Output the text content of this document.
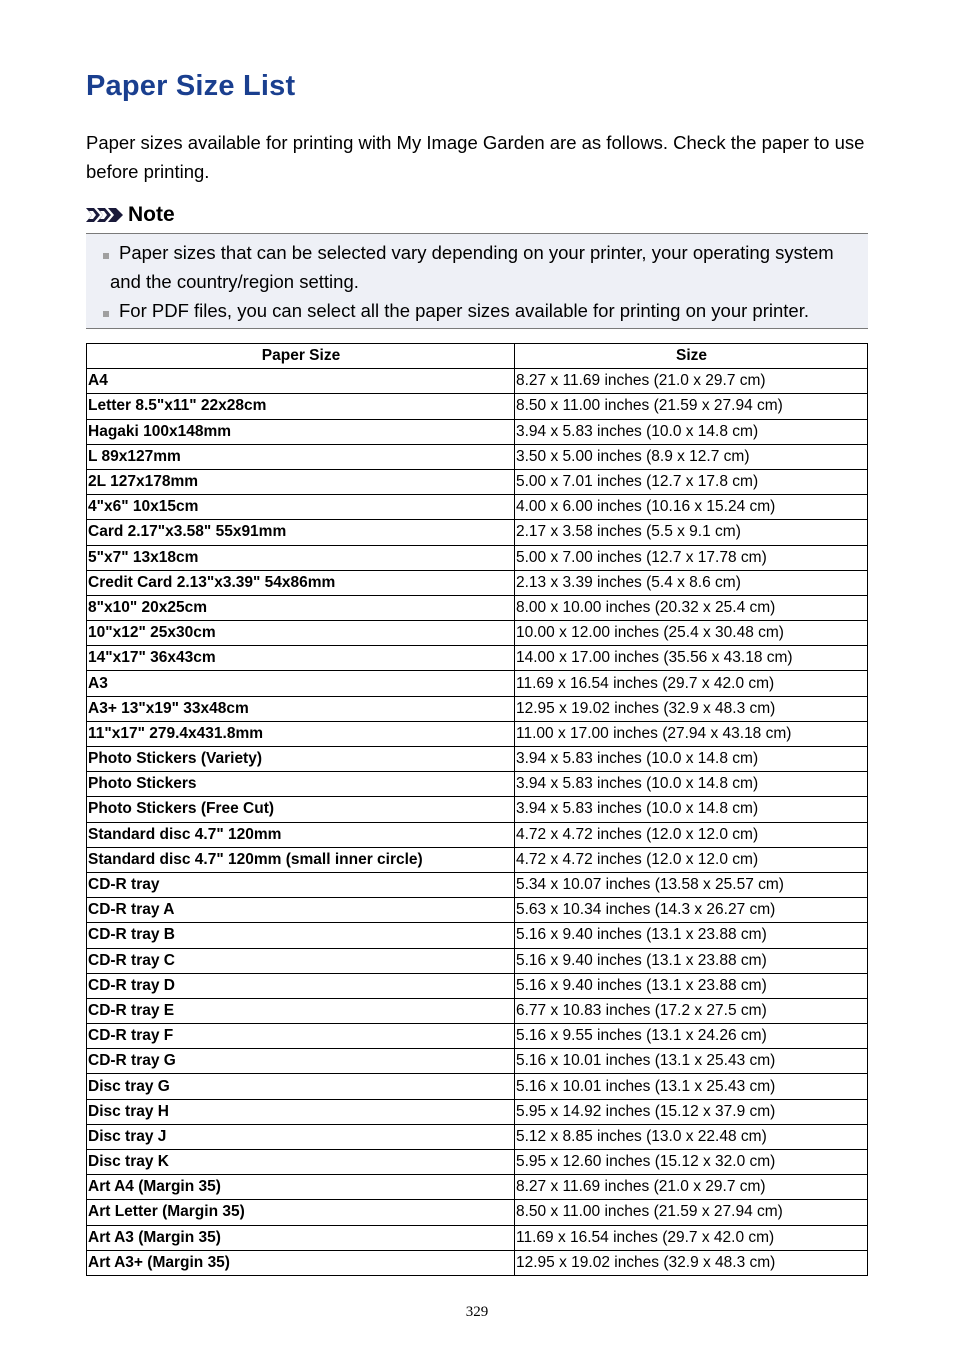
Paper Size List

Paper sizes available for printing with My Image Garden are as follows. Check the paper to use before printing.

Note
Paper sizes that can be selected vary depending on your printer, your operating system and the country/region setting.
For PDF files, you can select all the paper sizes available for printing on your printer.
Paper Size	Size
A4	8.27 x 11.69 inches (21.0 x 29.7 cm)
Letter 8.5"x11" 22x28cm	8.50 x 11.00 inches (21.59 x 27.94 cm)
Hagaki 100x148mm	3.94 x 5.83 inches (10.0 x 14.8 cm)
L 89x127mm	3.50 x 5.00 inches (8.9 x 12.7 cm)
2L 127x178mm	5.00 x 7.01 inches (12.7 x 17.8 cm)
4"x6" 10x15cm	4.00 x 6.00 inches (10.16 x 15.24 cm)
Card 2.17"x3.58" 55x91mm	2.17 x 3.58 inches (5.5 x 9.1 cm)
5"x7" 13x18cm	5.00 x 7.00 inches (12.7 x 17.78 cm)
Credit Card 2.13"x3.39" 54x86mm	2.13 x 3.39 inches (5.4 x 8.6 cm)
8"x10" 20x25cm	8.00 x 10.00 inches (20.32 x 25.4 cm)
10"x12" 25x30cm	10.00 x 12.00 inches (25.4 x 30.48 cm)
14"x17" 36x43cm	14.00 x 17.00 inches (35.56 x 43.18 cm)
A3	11.69 x 16.54 inches (29.7 x 42.0 cm)
A3+ 13"x19" 33x48cm	12.95 x 19.02 inches (32.9 x 48.3 cm)
11"x17" 279.4x431.8mm	11.00 x 17.00 inches (27.94 x 43.18 cm)
Photo Stickers (Variety)	3.94 x 5.83 inches (10.0 x 14.8 cm)
Photo Stickers	3.94 x 5.83 inches (10.0 x 14.8 cm)
Photo Stickers (Free Cut)	3.94 x 5.83 inches (10.0 x 14.8 cm)
Standard disc 4.7" 120mm	4.72 x 4.72 inches (12.0 x 12.0 cm)
Standard disc 4.7" 120mm (small inner circle)	4.72 x 4.72 inches (12.0 x 12.0 cm)
CD-R tray	5.34 x 10.07 inches (13.58 x 25.57 cm)
CD-R tray A	5.63 x 10.34 inches (14.3 x 26.27 cm)
CD-R tray B	5.16 x 9.40 inches (13.1 x 23.88 cm)
CD-R tray C	5.16 x 9.40 inches (13.1 x 23.88 cm)
CD-R tray D	5.16 x 9.40 inches (13.1 x 23.88 cm)
CD-R tray E	6.77 x 10.83 inches (17.2 x 27.5 cm)
CD-R tray F	5.16 x 9.55 inches (13.1 x 24.26 cm)
CD-R tray G	5.16 x 10.01 inches (13.1 x 25.43 cm)
Disc tray G	5.16 x 10.01 inches (13.1 x 25.43 cm)
Disc tray H	5.95 x 14.92 inches (15.12 x 37.9 cm)
Disc tray J	5.12 x 8.85 inches (13.0 x 22.48 cm)
Disc tray K	5.95 x 12.60 inches (15.12 x 32.0 cm)
Art A4 (Margin 35)	8.27 x 11.69 inches (21.0 x 29.7 cm)
Art Letter (Margin 35)	8.50 x 11.00 inches (21.59 x 27.94 cm)
Art A3 (Margin 35)	11.69 x 16.54 inches (29.7 x 42.0 cm)
Art A3+ (Margin 35)	12.95 x 19.02 inches (32.9 x 48.3 cm)
329
